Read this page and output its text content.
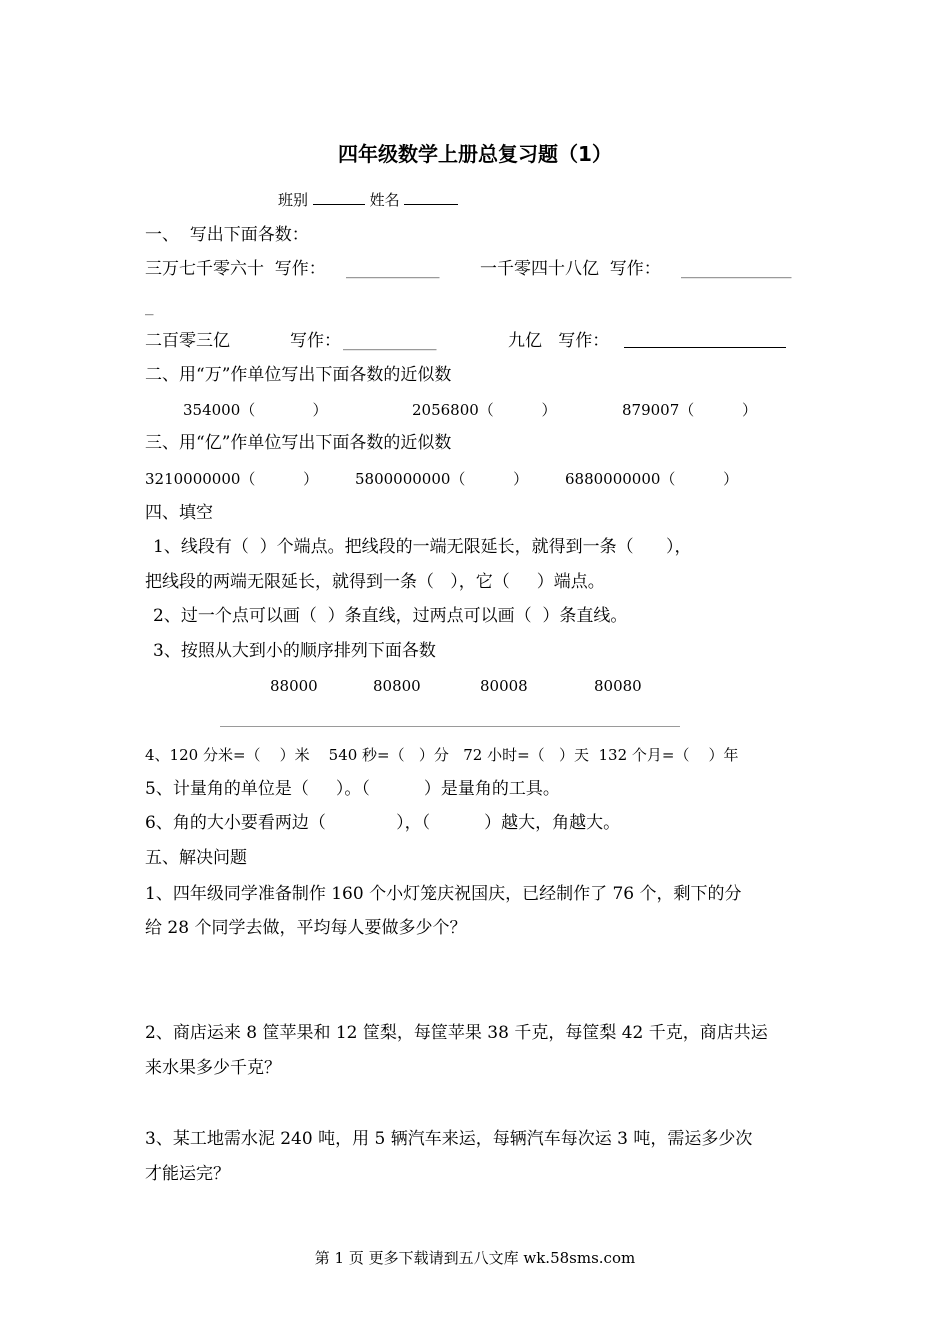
四年级数学上册总复习题（1）
班别	姓名
一、  写出下面各数：
三万七千零六十  写作： ___________ 一千零四十八亿  写作： _____________
_
二百零三亿	写作： ___________	九亿   写作：
二、用“万”作单位写出下面各数的近似数
354000（            ）	2056800（          ）	879007（          ）
三、用“亿”作单位写出下面各数的近似数
3210000000（          ） 5800000000（          ） 6880000000（          ）
四、填空
1、线段有（  ）个端点。把线段的一端无限延长，就得到一条（      ），
把线段的两端无限延长，就得到一条（   ），它（     ）端点。
2、过一个点可以画（  ）条直线，过两点可以画（  ）条直线。
3、按照从大到小的顺序排列下面各数
88000	80800	80008	80080
4、120 分米=（    ）米    540 秒=（   ）分   72 小时=（   ）天  132 个月=（    ）年
5、计量角的单位是（     ）。（          ）是量角的工具。
6、角的大小要看两边（             ），（          ）越大，角越大。
五、解决问题
1、四年级同学准备制作 160 个小灯笼庆祝国庆，已经制作了 76 个，剩下的分
给 28 个同学去做，平均每人要做多少个？
2、商店运来 8 筐苹果和 12 筐梨，每筐苹果 38 千克，每筐梨 42 千克，商店共运
来水果多少千克？
3、某工地需水泥 240 吨，用 5 辆汽车来运，每辆汽车每次运 3 吨，需运多少次
才能运完？
第 1 页 更多下载请到五八文库 wk.58sms.com
